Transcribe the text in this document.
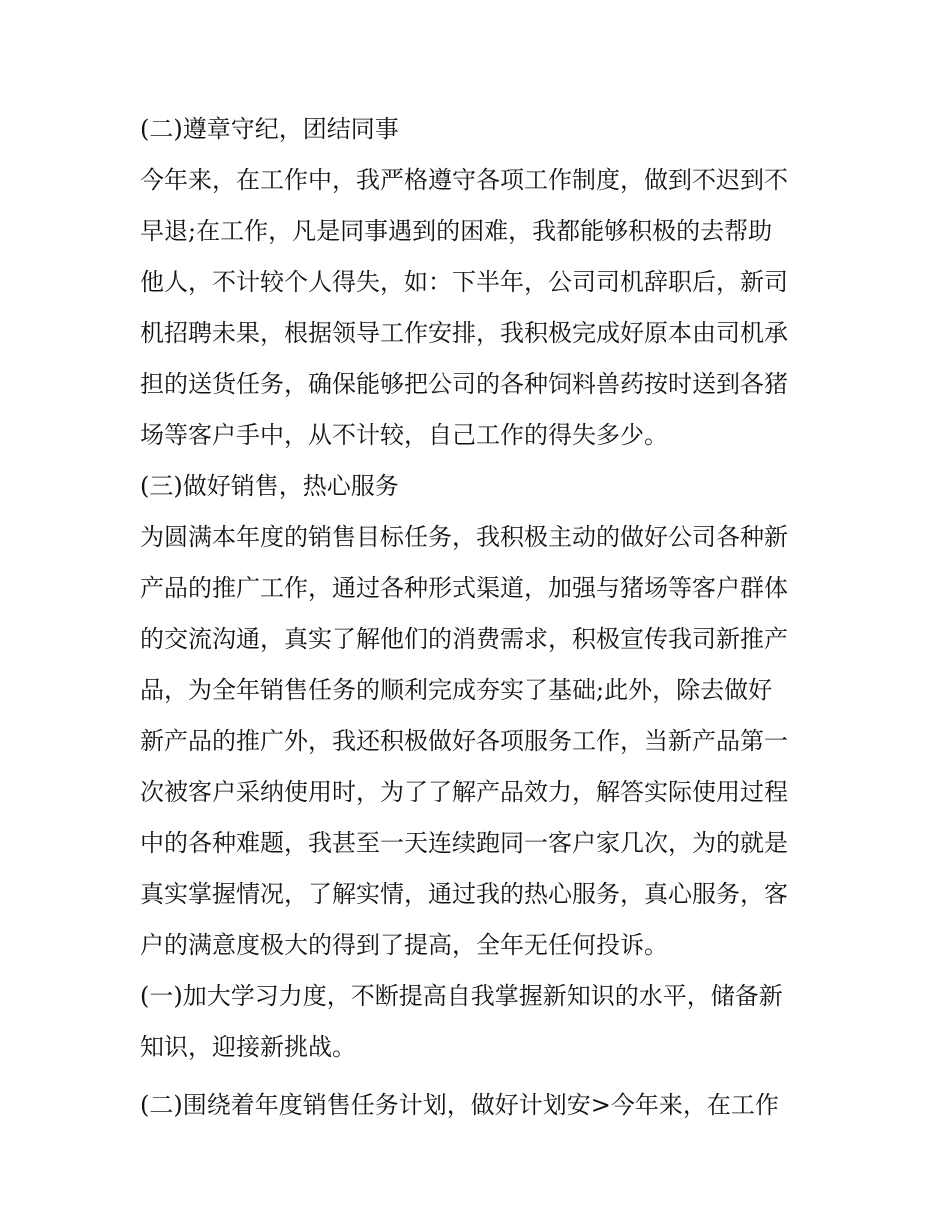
(二)遵章守纪，团结同事
今年来，在工作中，我严格遵守各项工作制度，做到不迟到不
早退;在工作，凡是同事遇到的困难，我都能够积极的去帮助
他人，不计较个人得失，如：下半年，公司司机辞职后，新司
机招聘未果，根据领导工作安排，我积极完成好原本由司机承
担的送货任务，确保能够把公司的各种饲料兽药按时送到各猪
场等客户手中，从不计较，自己工作的得失多少。
(三)做好销售，热心服务
为圆满本年度的销售目标任务，我积极主动的做好公司各种新
产品的推广工作，通过各种形式渠道，加强与猪场等客户群体
的交流沟通，真实了解他们的消费需求，积极宣传我司新推产
品，为全年销售任务的顺利完成夯实了基础;此外，除去做好
新产品的推广外，我还积极做好各项服务工作，当新产品第一
次被客户采纳使用时，为了了解产品效力，解答实际使用过程
中的各种难题，我甚至一天连续跑同一客户家几次，为的就是
真实掌握情况，了解实情，通过我的热心服务，真心服务，客
户的满意度极大的得到了提高，全年无任何投诉。
(一)加大学习力度，不断提高自我掌握新知识的水平，储备新
知识，迎接新挑战。
(二)围绕着年度销售任务计划，做好计划安>今年来，在工作
